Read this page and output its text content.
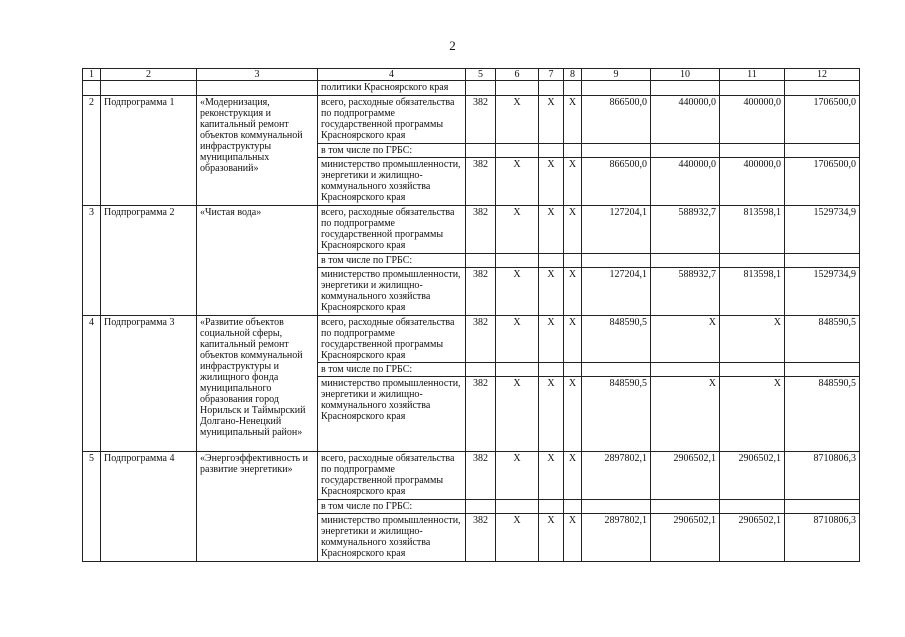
2
1	2	3	4	5	6	7	8	9	10	11	12
			политики Красноярского края								
2	Подпрограмма 1	«Модернизация, реконструкция и капитальный ремонт объектов коммунальной инфраструктуры муниципальных образований»	всего, расходные обязательства по подпрограмме государственной программы Красноярского края	382	Х	Х	Х	866500,0	440000,0	400000,0	1706500,0
			в том числе по ГРБС:								
			министерство промышленности, энергетики и жилищно-коммунального хозяйства Красноярского края	382	Х	Х	Х	866500,0	440000,0	400000,0	1706500,0
3	Подпрограмма 2	«Чистая вода»	всего, расходные обязательства по подпрограмме государственной программы Красноярского края	382	Х	Х	Х	127204,1	588932,7	813598,1	1529734,9
			в том числе по ГРБС:								
			министерство промышленности, энергетики и жилищно-коммунального хозяйства Красноярского края	382	Х	Х	Х	127204,1	588932,7	813598,1	1529734,9
4	Подпрограмма 3	«Развитие объектов социальной сферы, капитальный ремонт объектов коммунальной инфраструктуры и жилищного фонда муниципального образования город Норильск и Таймырский Долгано-Ненецкий муниципальный район»	всего, расходные обязательства по подпрограмме государственной программы Красноярского края	382	Х	Х	Х	848590,5	Х	Х	848590,5
			в том числе по ГРБС:								
			министерство промышленности, энергетики и жилищно-коммунального хозяйства Красноярского края	382	Х	Х	Х	848590,5	Х	Х	848590,5
5	Подпрограмма 4	«Энергоэффективность и развитие энергетики»	всего, расходные обязательства по подпрограмме государственной программы Красноярского края	382	Х	Х	Х	2897802,1	2906502,1	2906502,1	8710806,3
			в том числе по ГРБС:								
			министерство промышленности, энергетики и жилищно-коммунального хозяйства Красноярского края	382	Х	Х	Х	2897802,1	2906502,1	2906502,1	8710806,3
